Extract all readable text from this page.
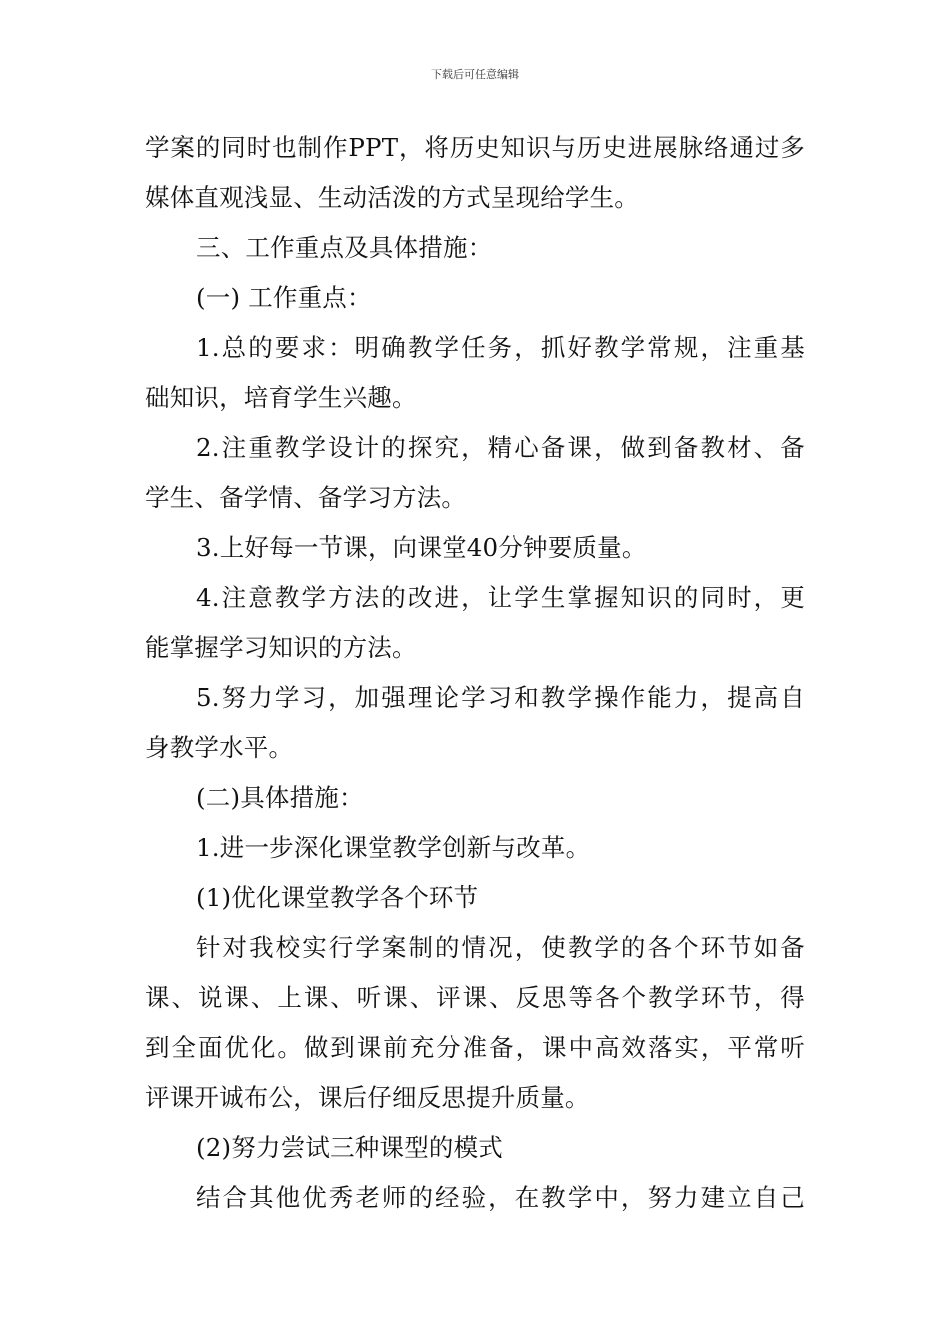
下载后可任意编辑
学案的同时也制作PPT，将历史知识与历史进展脉络通过多
媒体直观浅显、生动活泼的方式呈现给学生。
三、工作重点及具体措施：
(一) 工作重点：
1.总的要求：明确教学任务，抓好教学常规，注重基
础知识，培育学生兴趣。
2.注重教学设计的探究，精心备课，做到备教材、备
学生、备学情、备学习方法。
3.上好每一节课，向课堂40分钟要质量。
4.注意教学方法的改进，让学生掌握知识的同时，更
能掌握学习知识的方法。
5.努力学习，加强理论学习和教学操作能力，提高自
身教学水平。
(二)具体措施：
1.进一步深化课堂教学创新与改革。
(1)优化课堂教学各个环节
针对我校实行学案制的情况，使教学的各个环节如备
课、说课、上课、听课、评课、反思等各个教学环节，得
到全面优化。做到课前充分准备，课中高效落实，平常听
评课开诚布公，课后仔细反思提升质量。
(2)努力尝试三种课型的模式
结合其他优秀老师的经验，在教学中，努力建立自己
